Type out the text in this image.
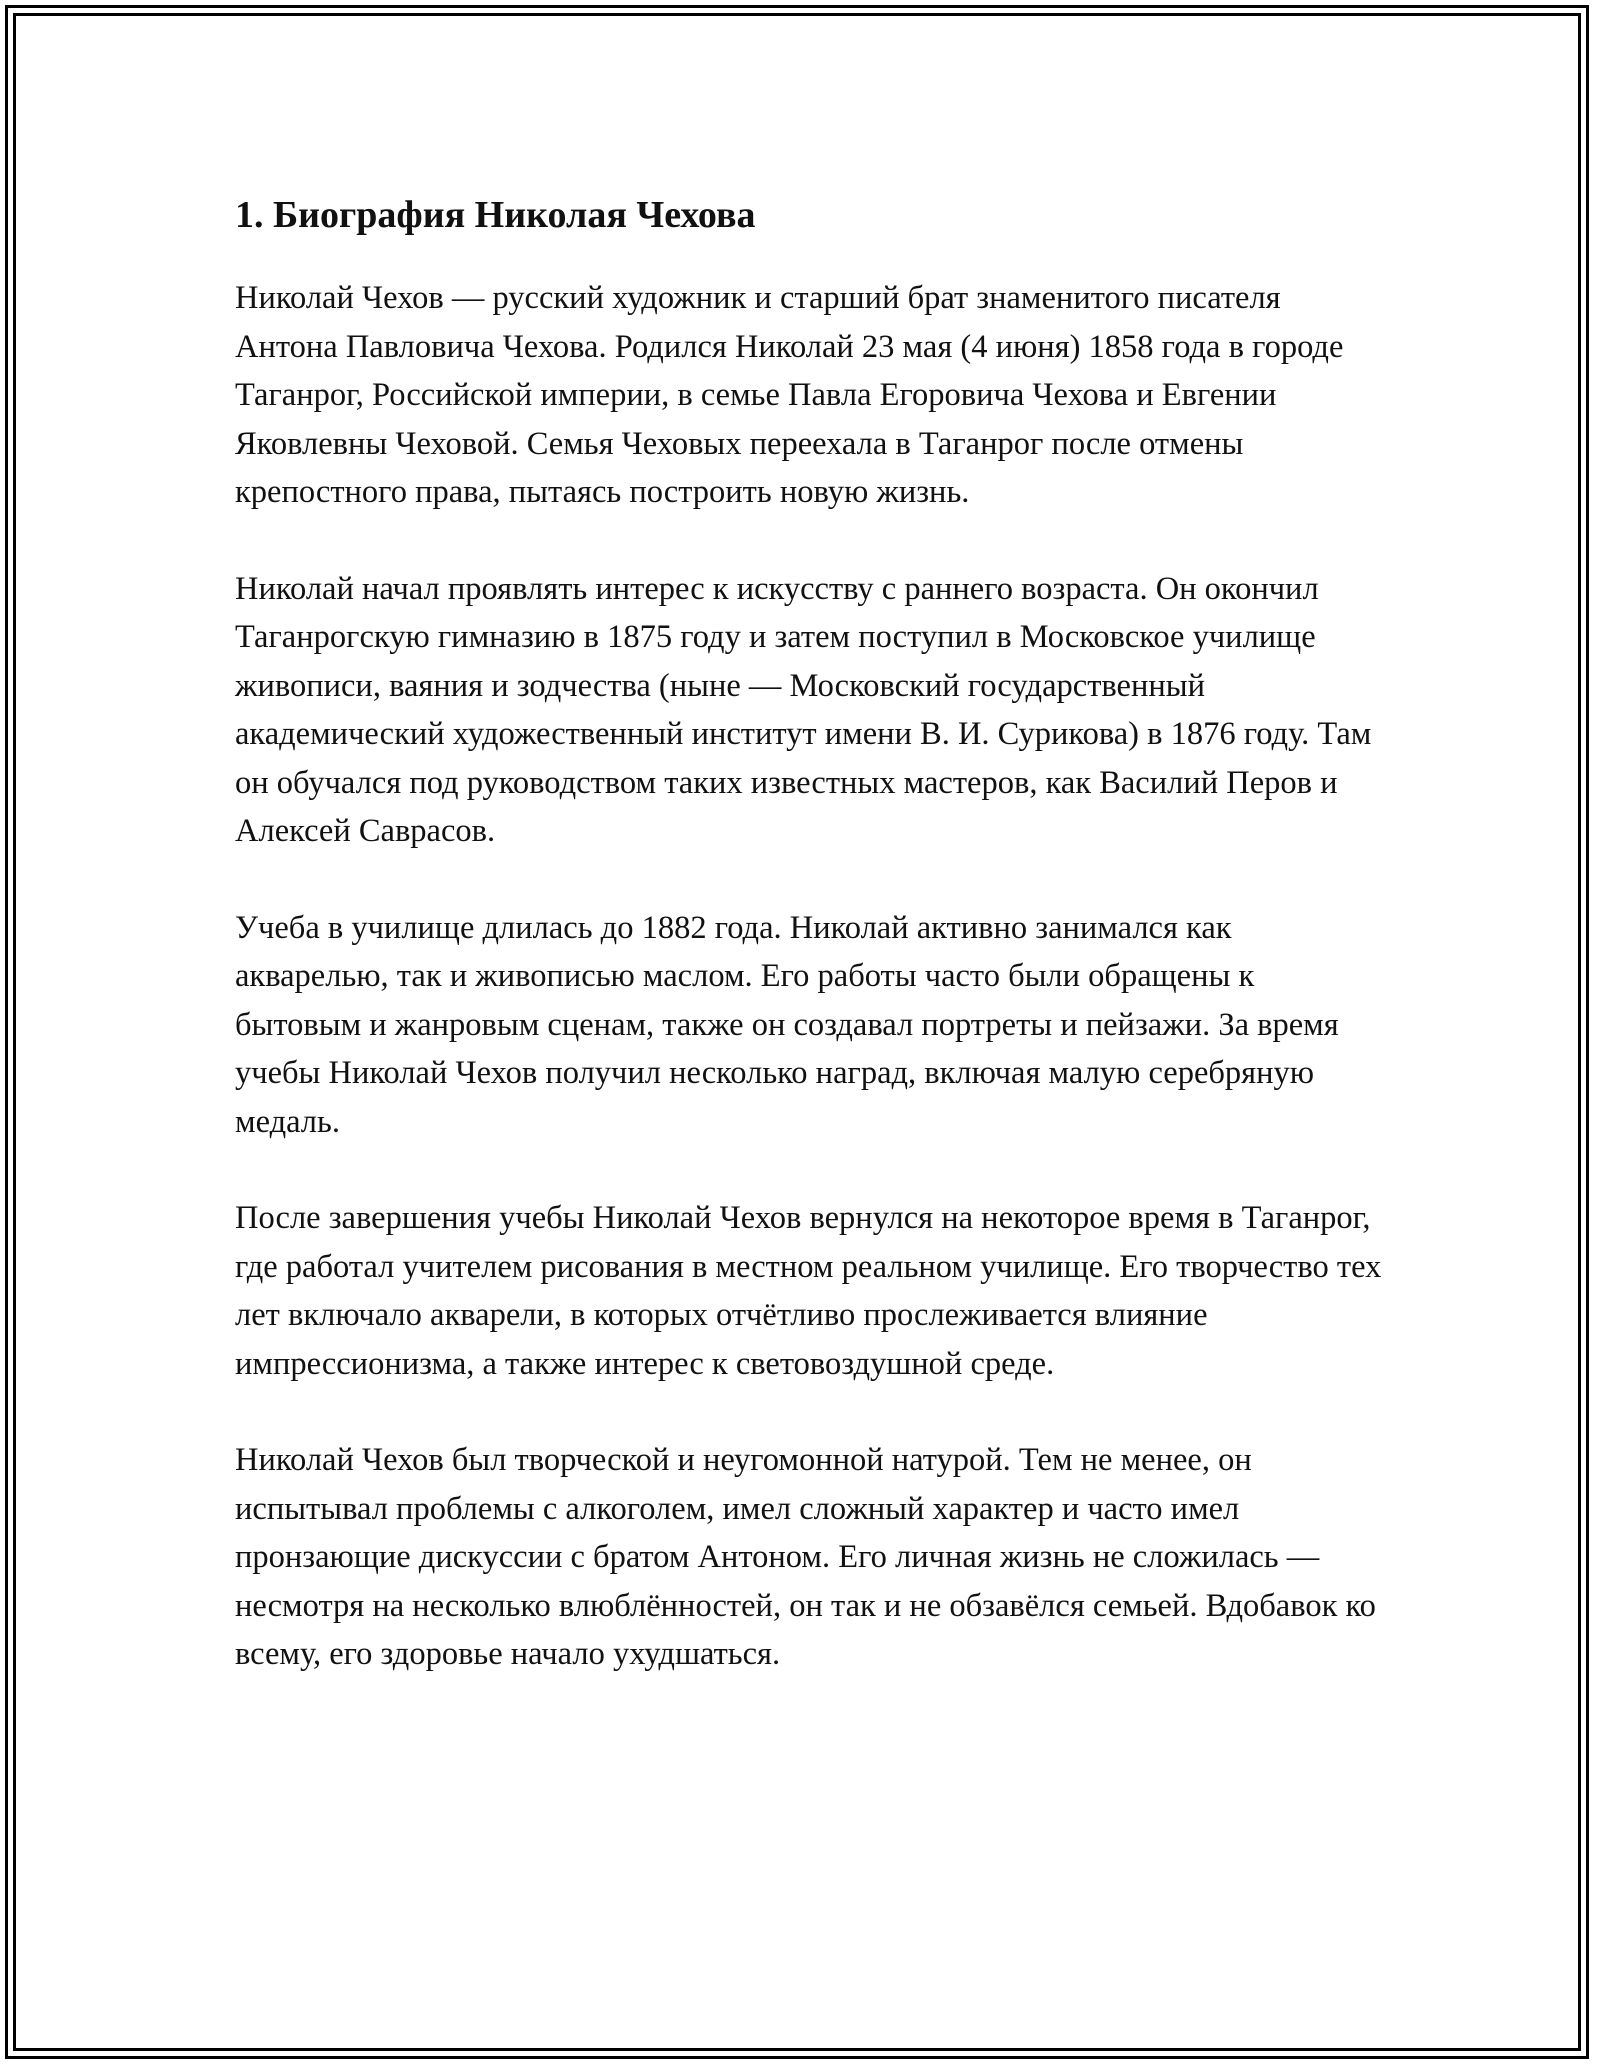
1. Биография Николая Чехова

Николай Чехов — русский художник и старший брат знаменитого писателя Антона Павловича Чехова. Родился Николай 23 мая (4 июня) 1858 года в городе Таганрог, Российской империи, в семье Павла Егоровича Чехова и Евгении Яковлевны Чеховой. Семья Чеховых переехала в Таганрог после отмены крепостного права, пытаясь построить новую жизнь.

Николай начал проявлять интерес к искусству с раннего возраста. Он окончил Таганрогскую гимназию в 1875 году и затем поступил в Московское училище живописи, ваяния и зодчества (ныне — Московский государственный академический художественный институт имени В. И. Сурикова) в 1876 году. Там он обучался под руководством таких известных мастеров, как Василий Перов и Алексей Саврасов.

Учеба в училище длилась до 1882 года. Николай активно занимался как акварелью, так и живописью маслом. Его работы часто были обращены к бытовым и жанровым сценам, также он создавал портреты и пейзажи. За время учебы Николай Чехов получил несколько наград, включая малую серебряную медаль.

После завершения учебы Николай Чехов вернулся на некоторое время в Таганрог, где работал учителем рисования в местном реальном училище. Его творчество тех лет включало акварели, в которых отчётливо прослеживается влияние импрессионизма, а также интерес к световоздушной среде.

Николай Чехов был творческой и неугомонной натурой. Тем не менее, он испытывал проблемы с алкоголем, имел сложный характер и часто имел пронзающие дискуссии с братом Антоном. Его личная жизнь не сложилась — несмотря на несколько влюблённостей, он так и не обзавёлся семьей. Вдобавок ко всему, его здоровье начало ухудшаться.
